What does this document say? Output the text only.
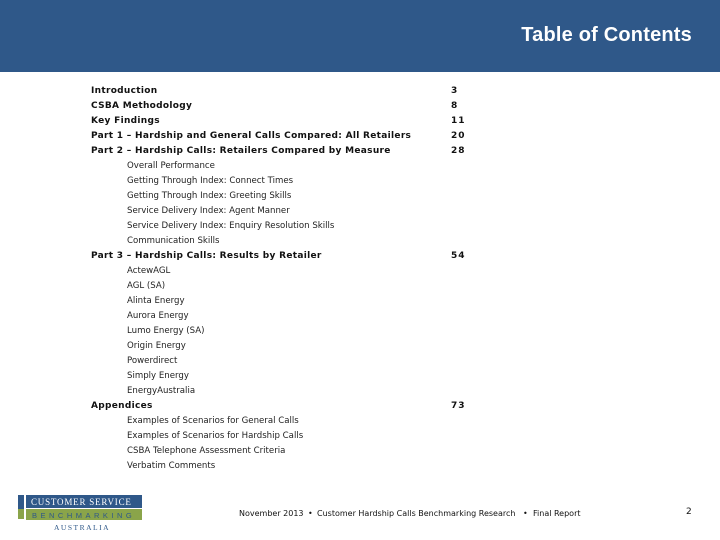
Table of Contents
Introduction	3
CSBA Methodology	8
Key Findings	11
Part 1 – Hardship and General Calls Compared: All Retailers	20
Part 2 – Hardship Calls: Retailers Compared by Measure	28
Overall Performance
Getting Through Index: Connect Times
Getting Through Index: Greeting Skills
Service Delivery Index: Agent Manner
Service Delivery Index: Enquiry Resolution Skills
Communication Skills
Part 3 – Hardship Calls: Results by Retailer	54
ActewAGL
AGL (SA)
Alinta Energy
Aurora Energy
Lumo Energy (SA)
Origin Energy
Powerdirect
Simply Energy
EnergyAustralia
Appendices	73
Examples of Scenarios for General Calls
Examples of Scenarios for Hardship Calls
CSBA Telephone Assessment Criteria
Verbatim Comments
CUSTOMER SERVICE
BENCHMARKING
AUSTRALIA
November 2013 • Customer Hardship Calls Benchmarking Research • Final Report	2
